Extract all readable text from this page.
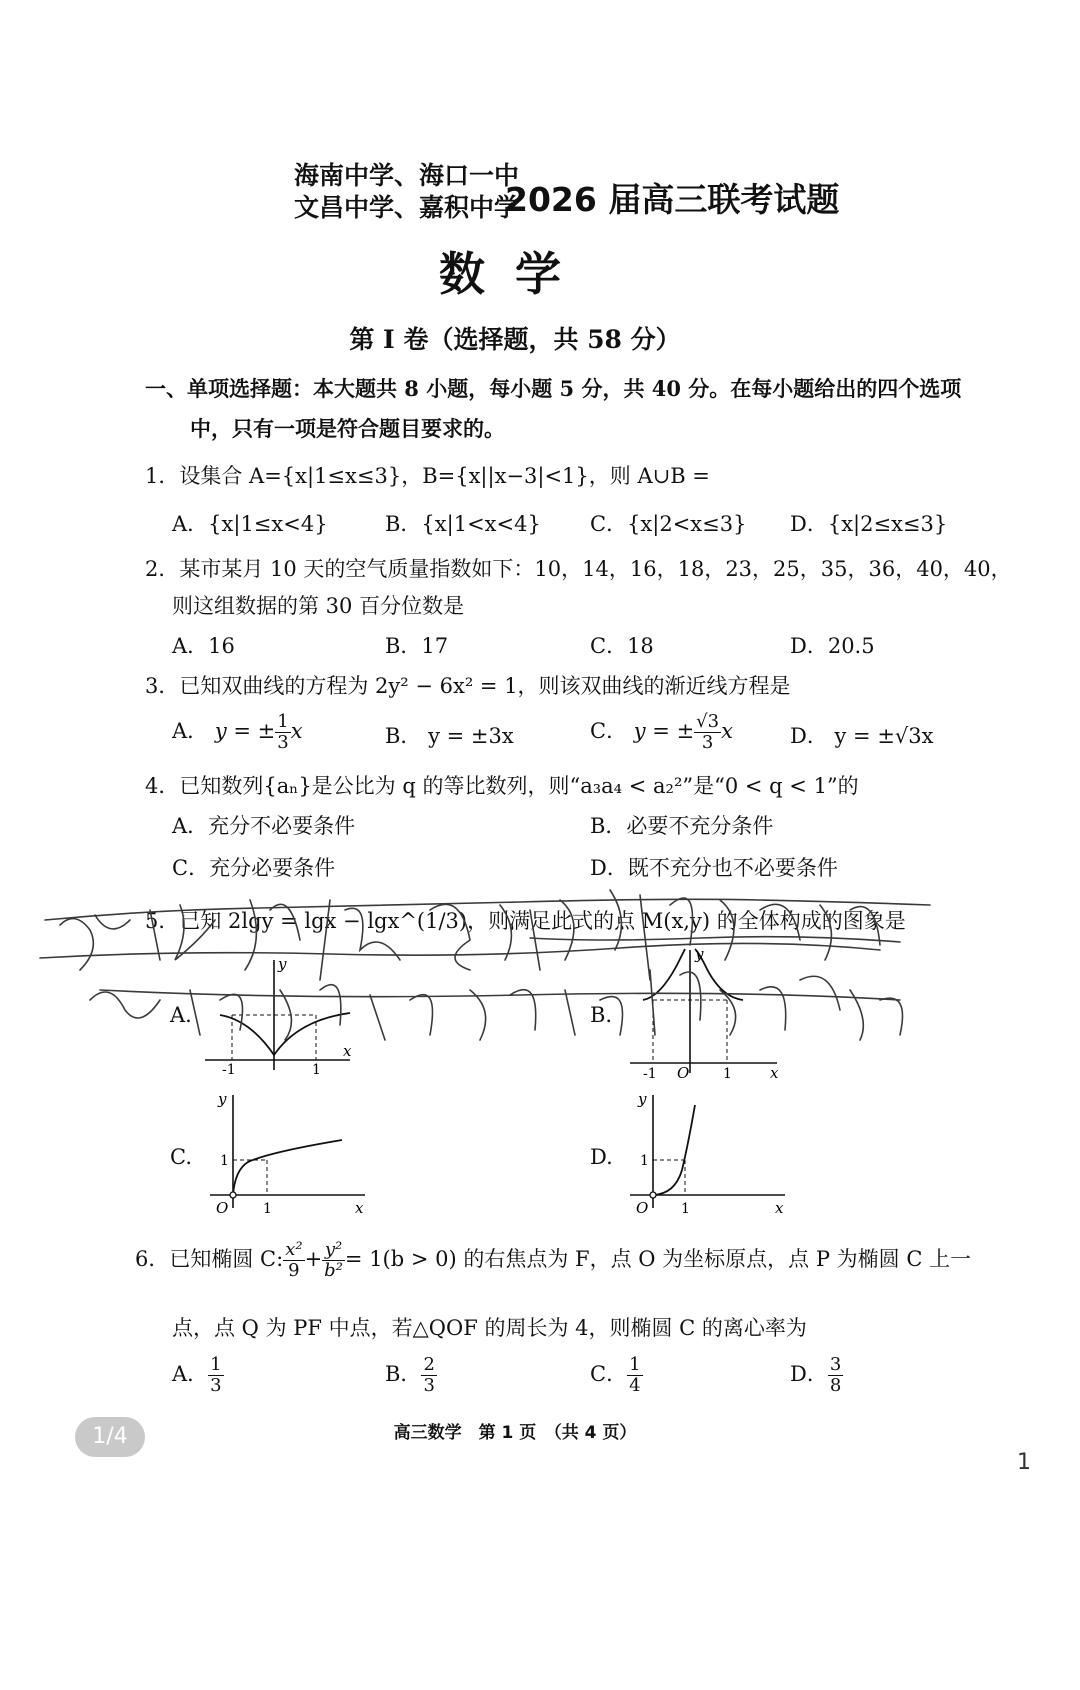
海南中学、海口一中
文昌中学、嘉积中学
2026 届高三联考试题
数学
第 I 卷（选择题，共 58 分）
一、单项选择题：本大题共 8 小题，每小题 5 分，共 40 分。在每小题给出的四个选项
中，只有一项是符合题目要求的。
1．设集合 A={x|1≤x≤3}，B={x||x−3|<1}，则 A∪B =
A．{x|1≤x<4}	B．{x|1<x<4} C．{x|2<x≤3} D．{x|2≤x≤3}
2．某市某月 10 天的空气质量指数如下：10，14，16，18，23，25，35，36，40，40，
则这组数据的第 30 百分位数是
A．16	B．17	C．18	D．20.5
3．已知双曲线的方程为 2y² − 6x² = 1，则该双曲线的渐近线方程是
A． y = ± $\frac{1}{3}$ x	B． y = ±3x	C． y = ± $\frac{√3}{3}$ x	D． y = ±√3x
4．已知数列{aₙ}是公比为 q 的等比数列，则“a₃a₄ < a₂²”是“0 < q < 1”的
A．充分不必要条件	B．必要不充分条件
C．充分必要条件	D．既不充分也不必要条件
5．已知 2lgy = lgx − lgx^(1/3)，则满足此式的点 M(x,y) 的全体构成的图象是
A.
x
y
-1	1
B.
x
y
O
-1	1
C.
x
y
O
1
1
D.
x
y
O
1
1
6．已知椭圆 C: $\frac{\text{x²}}{9} + \frac{\text{y²}}{\text{b²}} = 1(b > 0)$ 的右焦点为 F，点 O 为坐标原点，点 P 为椭圆 C 上一
点，点 Q 为 PF 中点，若△QOF 的周长为 4，则椭圆 C 的离心率为
A． $\frac{1}{3}$	B． $\frac{2}{3}$	C． $\frac{1}{4}$	D． $\frac{3}{8}$
1/4	高三数学　第 1 页　（共 4 页）
1
